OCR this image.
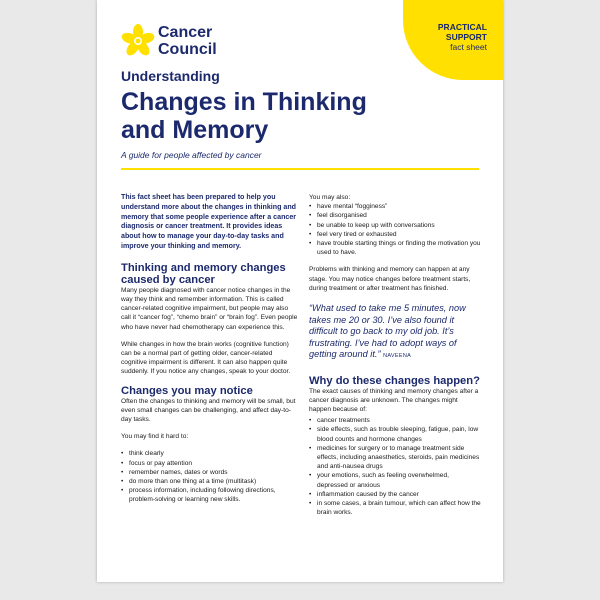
PRACTICAL
SUPPORT
fact sheet
Cancer
Council
Understanding
Changes in Thinking
and Memory
A guide for people affected by cancer

This fact sheet has been prepared to help you understand more about the changes in thinking and memory that some people experience after a cancer diagnosis or cancer treatment. It provides ideas about how to manage your day-to-day tasks and improve your thinking and memory.

Thinking and memory changes
caused by cancer

Many people diagnosed with cancer notice changes in the way they think and remember information. This is called cancer-related cognitive impairment, but people may also call it “cancer fog”, “chemo brain” or “brain fog”. Even people who have never had chemotherapy can experience this.

While changes in how the brain works (cognitive function) can be a normal part of getting older, cancer-related cognitive impairment is different. It can also happen quite suddenly. If you notice any changes, speak to your doctor.

Changes you may notice

Often the changes to thinking and memory will be small, but even small changes can be challenging, and affect day-to-day tasks.

You may find it hard to:

• think clearly
• focus or pay attention
• remember names, dates or words
• do more than one thing at a time (multitask)
• process information, including following directions, problem-solving or learning new skills.

You may also:

• have mental “fogginess”
• feel disorganised
• be unable to keep up with conversations
• feel very tired or exhausted
• have trouble starting things or finding the motivation you used to have.

Problems with thinking and memory can happen at any stage. You may notice changes before treatment starts, during treatment or after treatment has finished.

“What used to take me 5 minutes, now takes me 20 or 30. I’ve also found it difficult to go back to my old job. It’s frustrating. I’ve had to adopt ways of getting around it.” NAVEENA
Why do these changes happen?

The exact causes of thinking and memory changes after a cancer diagnosis are unknown. The changes might happen because of:

• cancer treatments
• side effects, such as trouble sleeping, fatigue, pain, low blood counts and hormone changes
• medicines for surgery or to manage treatment side effects, including anaesthetics, steroids, pain medicines and anti-nausea drugs
• your emotions, such as feeling overwhelmed, depressed or anxious
• inflammation caused by the cancer
• in some cases, a brain tumour, which can affect how the brain works.
